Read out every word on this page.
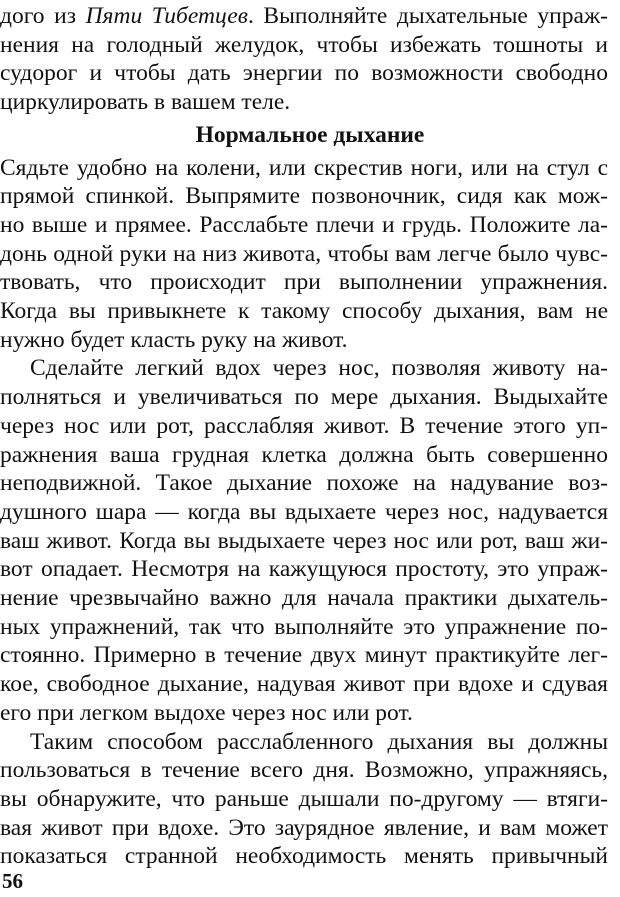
дого из Пяти Тибетцев. Выполняйте дыхательные упраж-
нения на голодный желудок, чтобы избежать тошноты и
судорог и чтобы дать энергии по возможности свободно
циркулировать в вашем теле.
Нормальное дыхание
Сядьте удобно на колени, или скрестив ноги, или на стул с
прямой спинкой. Выпрямите позвоночник, сидя как мож-
но выше и прямее. Расслабьте плечи и грудь. Положите ла-
донь одной руки на низ живота, чтобы вам легче было чувс-
твовать, что происходит при выполнении упражнения.
Когда вы привыкнете к такому способу дыхания, вам не
нужно будет класть руку на живот.
Сделайте легкий вдох через нос, позволяя животу на-
полняться и увеличиваться по мере дыхания. Выдыхайте
через нос или рот, расслабляя живот. В течение этого уп-
ражнения ваша грудная клетка должна быть совершенно
неподвижной. Такое дыхание похоже на надувание воз-
душного шара — когда вы вдыхаете через нос, надувается
ваш живот. Когда вы выдыхаете через нос или рот, ваш жи-
вот опадает. Несмотря на кажущуюся простоту, это упраж-
нение чрезвычайно важно для начала практики дыхатель-
ных упражнений, так что выполняйте это упражнение по-
стоянно. Примерно в течение двух минут практикуйте лег-
кое, свободное дыхание, надувая живот при вдохе и сдувая
его при легком выдохе через нос или рот.
Таким способом расслабленного дыхания вы должны
пользоваться в течение всего дня. Возможно, упражняясь,
вы обнаружите, что раньше дышали по-другому — втяги-
вая живот при вдохе. Это заурядное явление, и вам может
показаться странной необходимость менять привычный
56
